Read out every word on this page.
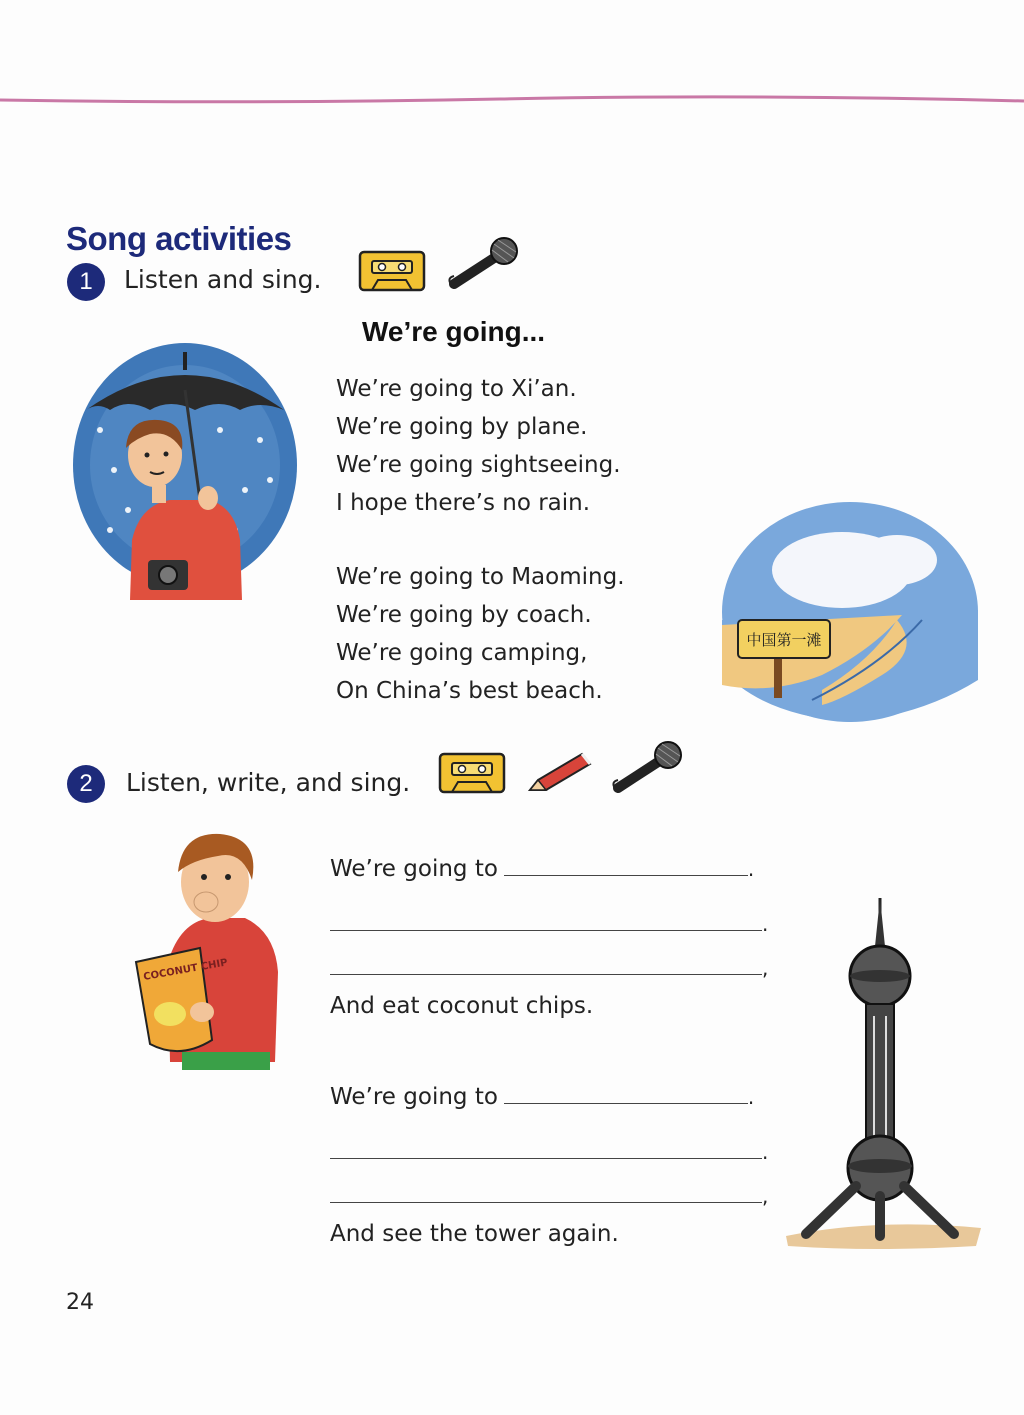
Song activities
1	Listen and sing.
We’re going...
We’re going to Xi’an.
We’re going by plane.
We’re going sightseeing.
I hope there’s no rain.
We’re going to Maoming.
We’re going by coach.
We’re going camping,
On China’s best beach.
中国第一滩
2	Listen, write, and sing.
COCONUT CHIP
We’re going to	.
.
,
And eat coconut chips.
We’re going to	.
.
,
And see the tower again.
24
